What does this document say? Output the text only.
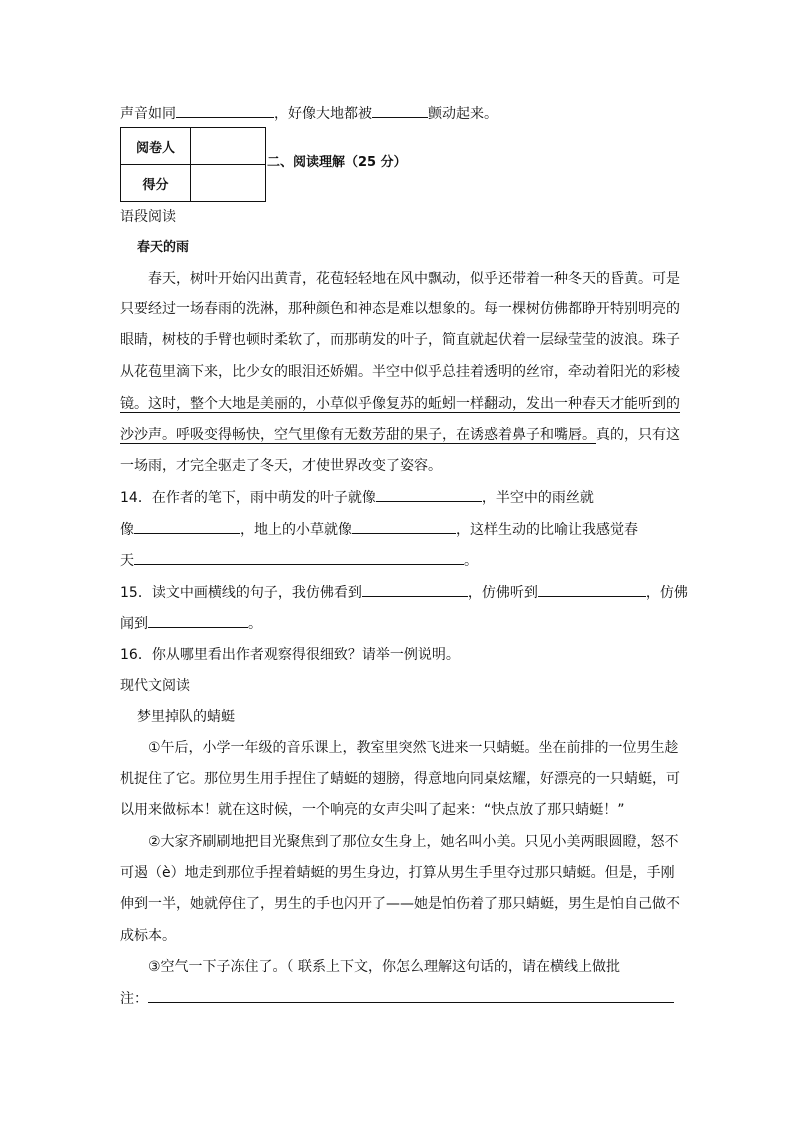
声音如同	，好像大地都被	颤动起来。
阅卷人	
得分	
二、阅读理解（25 分）
语段阅读
春天的雨
春天，树叶开始闪出黄青，花苞轻轻地在风中飘动，似乎还带着一种冬天的昏黄。可是
只要经过一场春雨的洗淋，那种颜色和神态是难以想象的。每一棵树仿佛都睁开特别明亮的
眼睛，树枝的手臂也顿时柔软了，而那萌发的叶子，简直就起伏着一层绿莹莹的波浪。珠子
从花苞里滴下来，比少女的眼泪还娇媚。半空中似乎总挂着透明的丝帘，牵动着阳光的彩棱
镜。这时，整个大地是美丽的，小草似乎像复苏的蚯蚓一样翻动，发出一种春天才能听到的
沙沙声。呼吸变得畅快，空气里像有无数芳甜的果子，在诱惑着鼻子和嘴唇。真的，只有这
一场雨，才完全驱走了冬天，才使世界改变了姿容。
14．在作者的笔下，雨中萌发的叶子就像	，半空中的雨丝就
像	，地上的小草就像	，这样生动的比喻让我感觉春
天	。
15．读文中画横线的句子，我仿佛看到	，仿佛听到	，仿佛
闻到	。
16．你从哪里看出作者观察得很细致？请举一例说明。
现代文阅读
梦里掉队的蜻蜓
①午后，小学一年级的音乐课上，教室里突然飞进来一只蜻蜓。坐在前排的一位男生趁
机捉住了它。那位男生用手捏住了蜻蜓的翅膀，得意地向同桌炫耀，好漂亮的一只蜻蜓，可
以用来做标本！就在这时候，一个响亮的女声尖叫了起来：“快点放了那只蜻蜓！”
②大家齐刷刷地把目光聚焦到了那位女生身上，她名叫小美。只见小美两眼圆瞪，怒不
可遏（è）地走到那位手捏着蜻蜓的男生身边，打算从男生手里夺过那只蜻蜓。但是，手刚
伸到一半，她就停住了，男生的手也闪开了——她是怕伤着了那只蜻蜓，男生是怕自己做不
成标本。
③空气一下子冻住了。（ 联系上下文，你怎么理解这句话的，请在横线上做批
注：
